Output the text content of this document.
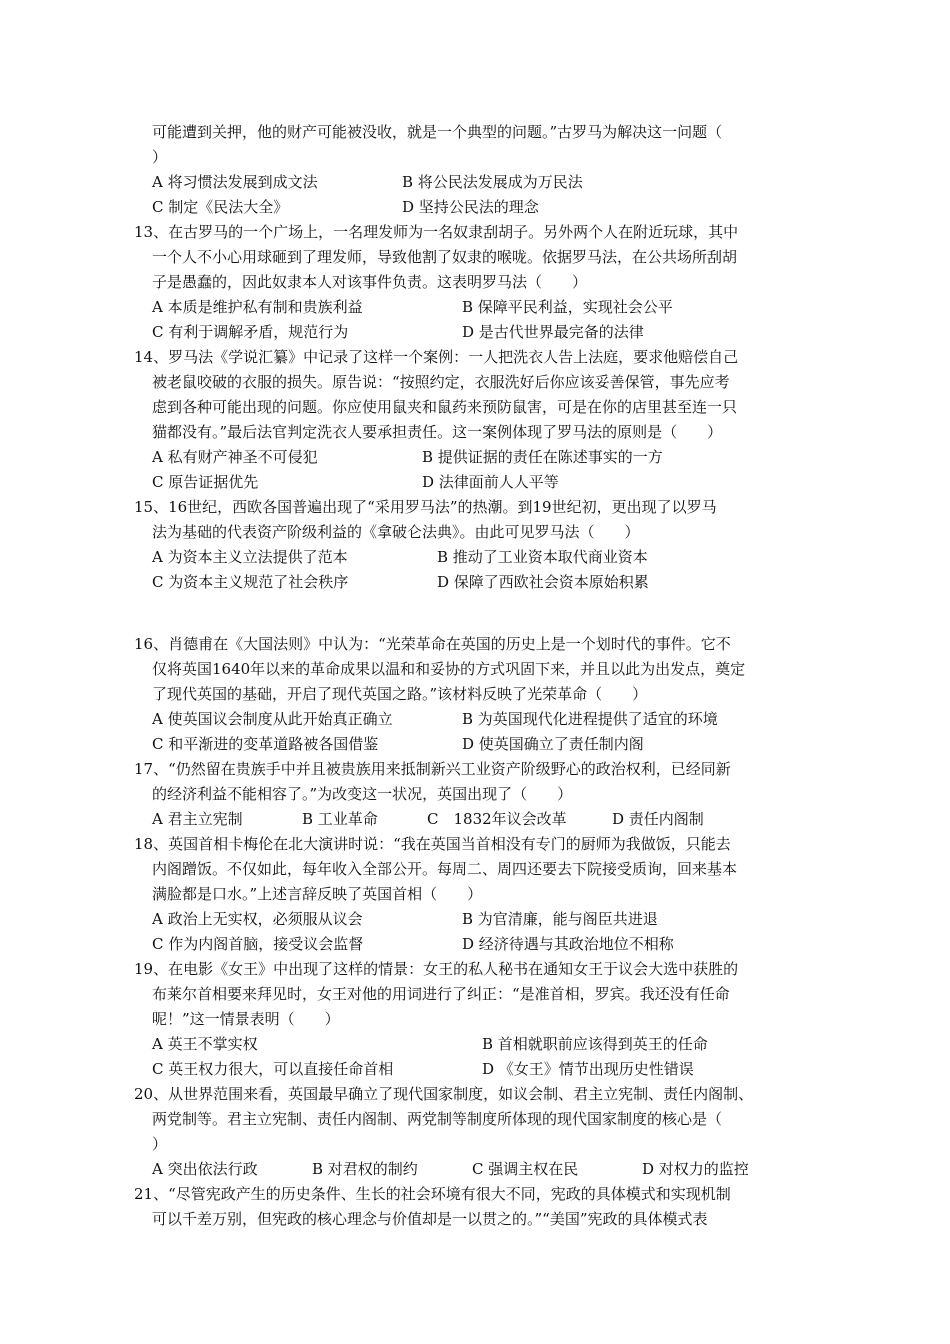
可能遭到关押，他的财产可能被没收，就是一个典型的问题。”古罗马为解决这一问题（
）
A 将习惯法发展到成文法	B 将公民法发展成为万民法
C 制定《民法大全》	D 坚持公民法的理念
13、在古罗马的一个广场上，一名理发师为一名奴隶刮胡子。另外两个人在附近玩球，其中
一个人不小心用球砸到了理发师，导致他割了奴隶的喉咙。依据罗马法，在公共场所刮胡
子是愚蠢的，因此奴隶本人对该事件负责。这表明罗马法（　　）
A 本质是维护私有制和贵族利益	B 保障平民利益，实现社会公平
C 有利于调解矛盾，规范行为	D 是古代世界最完备的法律
14、罗马法《学说汇纂》中记录了这样一个案例：一人把洗衣人告上法庭，要求他赔偿自己
被老鼠咬破的衣服的损失。原告说：“按照约定，衣服洗好后你应该妥善保管，事先应考
虑到各种可能出现的问题。你应使用鼠夹和鼠药来预防鼠害，可是在你的店里甚至连一只
猫都没有。”最后法官判定洗衣人要承担责任。这一案例体现了罗马法的原则是（　　）
A 私有财产神圣不可侵犯	B 提供证据的责任在陈述事实的一方
C 原告证据优先	D 法律面前人人平等
15、16世纪，西欧各国普遍出现了“采用罗马法”的热潮。到19世纪初，更出现了以罗马
法为基础的代表资产阶级利益的《拿破仑法典》。由此可见罗马法（　　）
A 为资本主义立法提供了范本	B 推动了工业资本取代商业资本
C 为资本主义规范了社会秩序	D 保障了西欧社会资本原始积累
16、肖德甫在《大国法则》中认为：“光荣革命在英国的历史上是一个划时代的事件。它不
仅将英国1640年以来的革命成果以温和和妥协的方式巩固下来，并且以此为出发点，奠定
了现代英国的基础，开启了现代英国之路。”该材料反映了光荣革命（　　）
A 使英国议会制度从此开始真正确立	B 为英国现代化进程提供了适宜的环境
C 和平渐进的变革道路被各国借鉴	D 使英国确立了责任制内阁
17、“仍然留在贵族手中并且被贵族用来抵制新兴工业资产阶级野心的政治权利，已经同新
的经济利益不能相容了。”为改变这一状况，英国出现了（　　）
A 君主立宪制	B 工业革命	C　1832年议会改革	D 责任内阁制
18、英国首相卡梅伦在北大演讲时说：“我在英国当首相没有专门的厨师为我做饭，只能去
内阁蹭饭。不仅如此，每年收入全部公开。每周二、周四还要去下院接受质询，回来基本
满脸都是口水。”上述言辞反映了英国首相（　　）
A 政治上无实权，必须服从议会	B 为官清廉，能与阁臣共进退
C 作为内阁首脑，接受议会监督	D 经济待遇与其政治地位不相称
19、在电影《女王》中出现了这样的情景：女王的私人秘书在通知女王于议会大选中获胜的
布莱尔首相要来拜见时，女王对他的用词进行了纠正：“是准首相，罗宾。我还没有任命
呢！”这一情景表明（　　）
A 英王不掌实权	B 首相就职前应该得到英王的任命
C 英王权力很大，可以直接任命首相	D 《女王》情节出现历史性错误
20、从世界范围来看，英国最早确立了现代国家制度，如议会制、君主立宪制、责任内阁制、
两党制等。君主立宪制、责任内阁制、两党制等制度所体现的现代国家制度的核心是（
）
A 突出依法行政	B 对君权的制约	C 强调主权在民	D 对权力的监控
21、“尽管宪政产生的历史条件、生长的社会环境有很大不同，宪政的具体模式和实现机制
可以千差万别，但宪政的核心理念与价值却是一以贯之的。”“美国”宪政的具体模式表
